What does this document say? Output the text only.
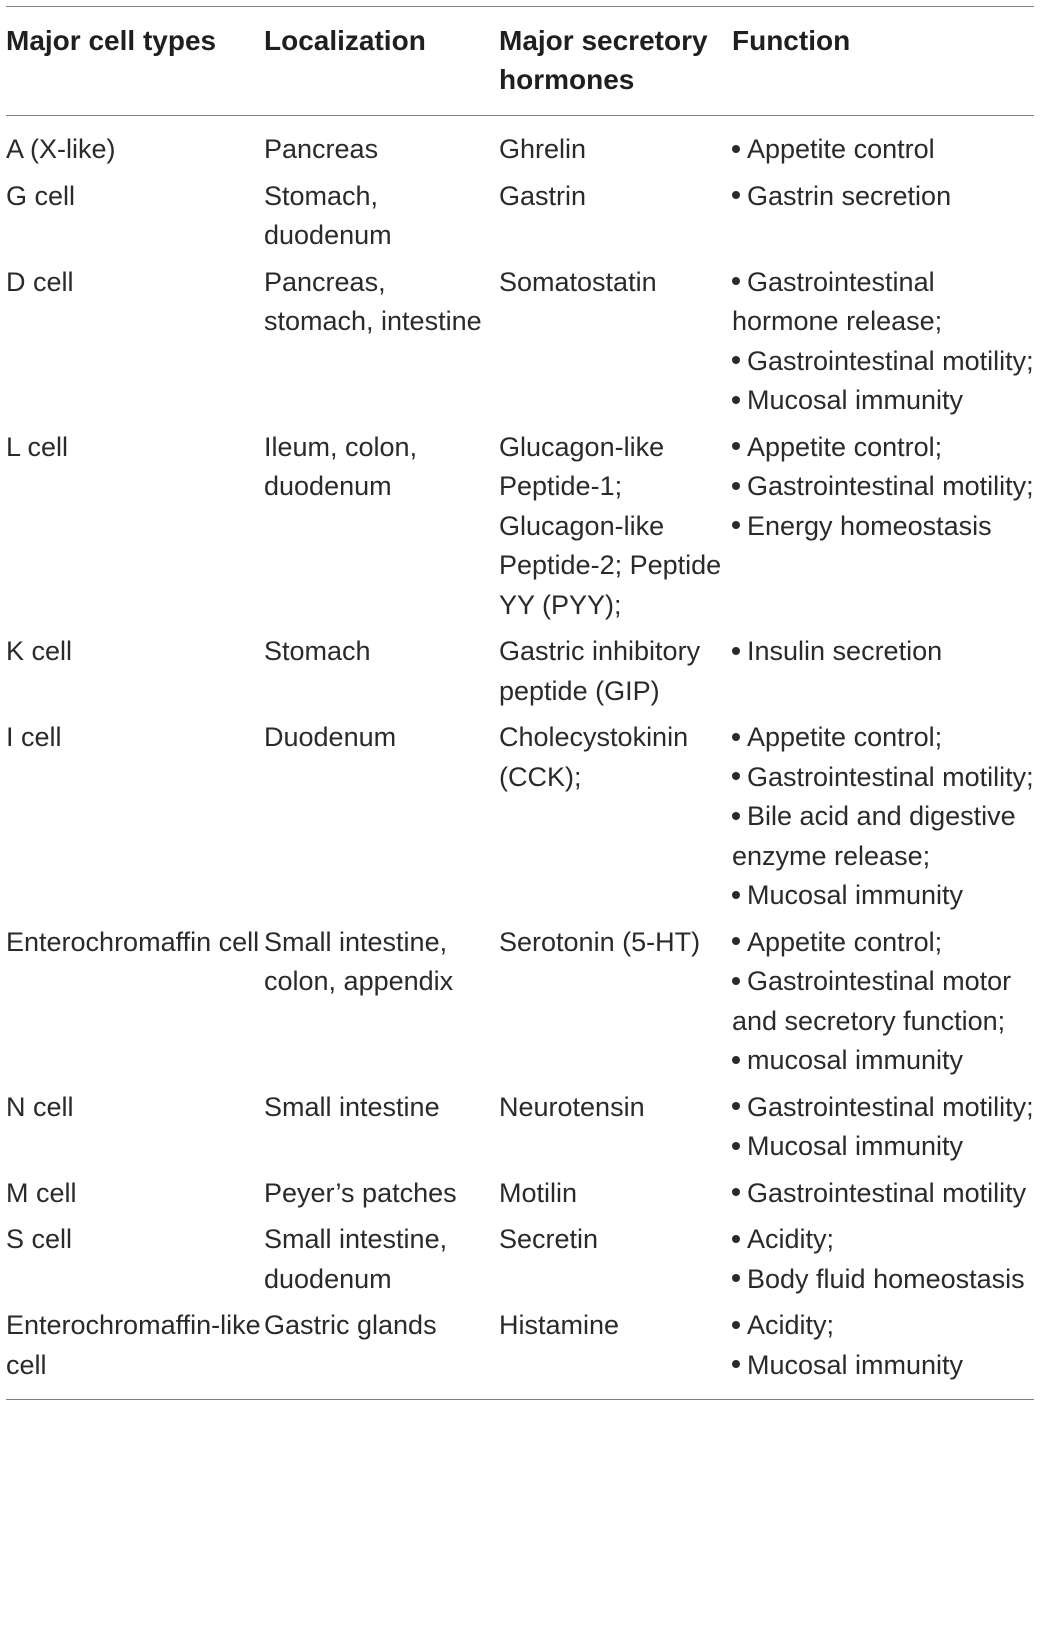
Major cell types	Localization	Major secretory hormones	Function
A (X-like)	Pancreas	Ghrelin	Appetite control

G cell	Stomach, duodenum	Gastrin	Gastrin secretion

D cell	Pancreas, stomach, intestine	Somatostatin	Gastrointestinal hormone release;
Gastrointestinal motility;
Mucosal immunity

L cell	Ileum, colon, duodenum	Glucagon-like Peptide-1; Glucagon-like Peptide-2; Peptide YY (PYY);	Appetite control;
Gastrointestinal motility;
Energy homeostasis

K cell	Stomach	Gastric inhibitory peptide (GIP)	Insulin secretion

I cell	Duodenum	Cholecystokinin (CCK);	Appetite control;
Gastrointestinal motility;
Bile acid and digestive enzyme release;
Mucosal immunity

Enterochromaffin cell	Small intestine, colon, appendix	Serotonin (5-HT)	Appetite control;
Gastrointestinal motor and secretory function;
mucosal immunity

N cell	Small intestine	Neurotensin	Gastrointestinal motility;
Mucosal immunity

M cell	Peyer’s patches	Motilin	Gastrointestinal motility

S cell	Small intestine, duodenum	Secretin	Acidity;
Body fluid homeostasis

Enterochromaffin-like cell	Gastric glands	Histamine	Acidity;
Mucosal immunity
